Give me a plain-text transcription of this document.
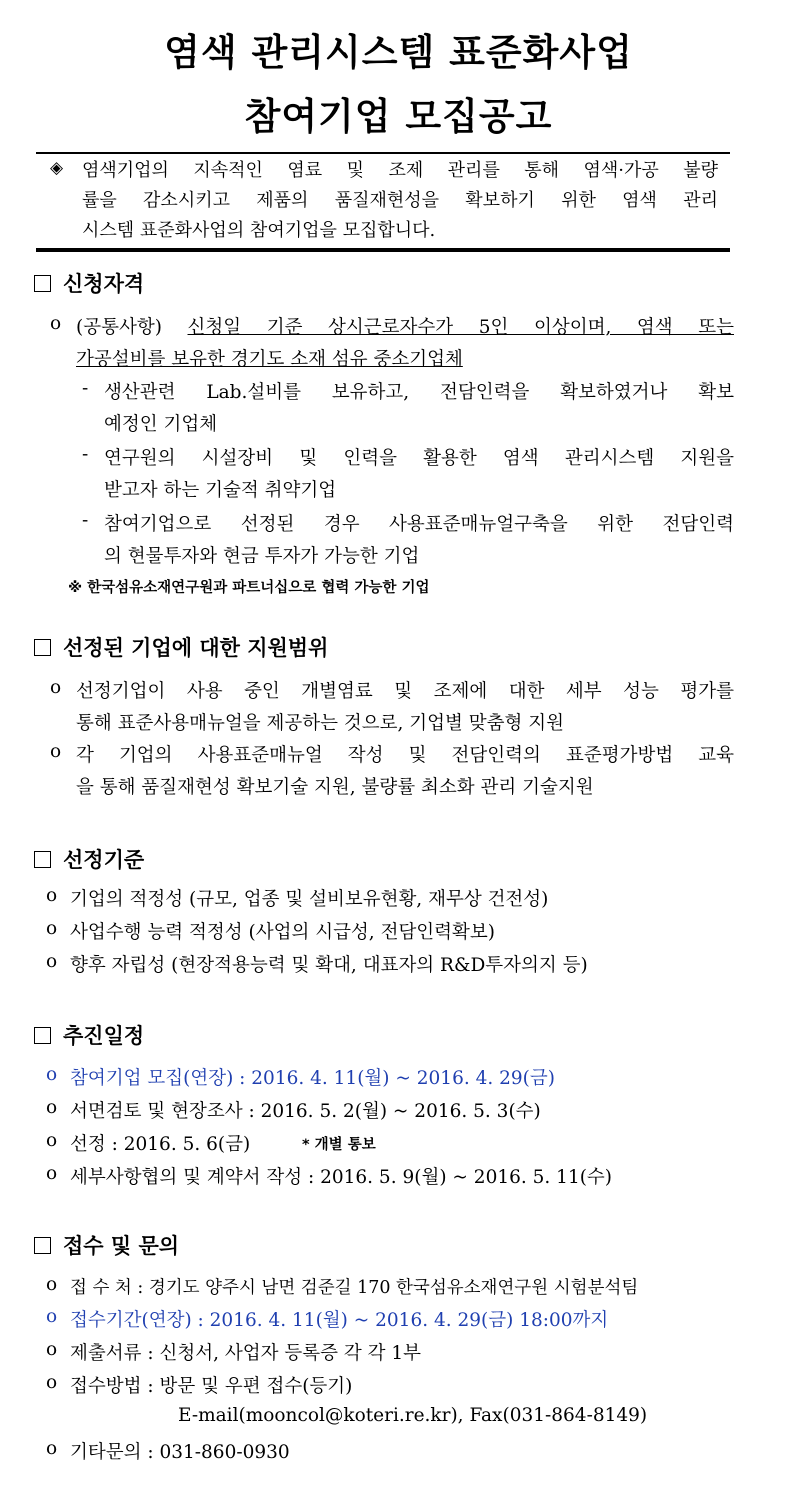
염색 관리시스템 표준화사업
참여기업 모집공고
◈ 염색기업의 지속적인 염료 및 조제 관리를 통해 염색·가공 불량
률을 감소시키고 제품의 품질재현성을 확보하기 위한 염색 관리
시스템 표준화사업의 참여기업을 모집합니다.
신청자격
o (공통사항) 신청일 기준 상시근로자수가 5인 이상이며, 염색 또는
가공설비를 보유한 경기도 소재 섬유 중소기업체
- 생산관련 Lab.설비를 보유하고, 전담인력을 확보하였거나 확보
예정인 기업체
- 연구원의 시설장비 및 인력을 활용한 염색 관리시스템 지원을
받고자 하는 기술적 취약기업
- 참여기업으로 선정된 경우 사용표준매뉴얼구축을 위한 전담인력
의 현물투자와 현금 투자가 가능한 기업
※ 한국섬유소재연구원과 파트너십으로 협력 가능한 기업
선정된 기업에 대한 지원범위
o 선정기업이 사용 중인 개별염료 및 조제에 대한 세부 성능 평가를
통해 표준사용매뉴얼을 제공하는 것으로, 기업별 맞춤형 지원
o 각 기업의 사용표준매뉴얼 작성 및 전담인력의 표준평가방법 교육
을 통해 품질재현성 확보기술 지원, 불량률 최소화 관리 기술지원
선정기준
o 기업의 적정성 (규모, 업종 및 설비보유현황, 재무상 건전성)
o 사업수행 능력 적정성 (사업의 시급성, 전담인력확보)
o 향후 자립성 (현장적용능력 및 확대, 대표자의 R&D투자의지 등)
추진일정
o 참여기업 모집(연장) : 2016. 4. 11(월) ~ 2016. 4. 29(금)
o 서면검토 및 현장조사 : 2016. 5. 2(월) ~ 2016. 5. 3(수)
o 선정 : 2016. 5. 6(금)	* 개별 통보
o 세부사항협의 및 계약서 작성 : 2016. 5. 9(월) ~ 2016. 5. 11(수)
접수 및 문의
o 접 수 처 : 경기도 양주시 남면 검준길 170 한국섬유소재연구원 시험분석팀
o 접수기간(연장) : 2016. 4. 11(월) ~ 2016. 4. 29(금) 18:00까지
o 제출서류 : 신청서, 사업자 등록증 각 각 1부
o 접수방법 : 방문 및 우편 접수(등기)
E-mail(mooncol@koteri.re.kr), Fax(031-864-8149)
o 기타문의 : 031-860-0930
